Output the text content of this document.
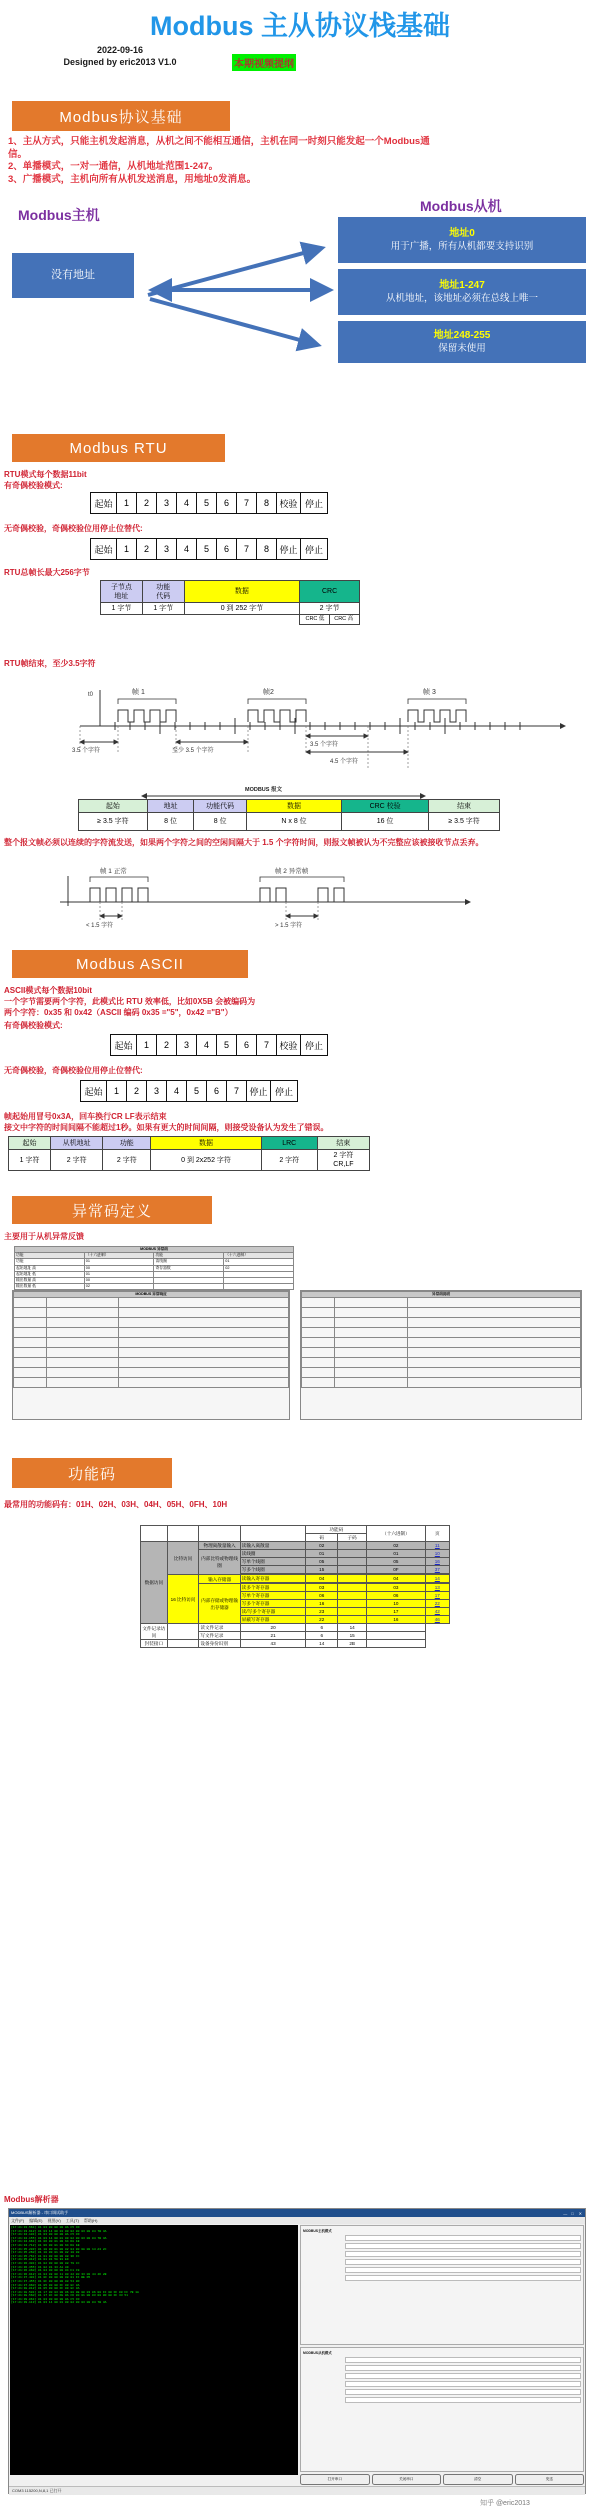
Modbus 主从协议栈基础
2022-09-16
Designed by eric2013 V1.0	本期视频提纲
Modbus协议基础
1、主从方式，只能主机发起消息，从机之间不能相互通信，主机在同一时刻只能发起一个Modbus通
信。
2、单播模式，一对一通信，从机地址范围1-247。
3、广播模式，主机向所有从机发送消息，用地址0发消息。
Modbus主机
Modbus从机
地址0
用于广播，所有从机都要支持识别
地址1-247
从机地址，该地址必须在总线上唯一
地址248-255
保留未使用
没有地址
Modbus RTU
RTU模式每个数据11bit
有奇偶校验模式:
起始	1	2	3	4	5	6	7	8	校验 停止
无奇偶校验，奇偶校验位用停止位替代:
起始	1	2	3	4	5	6	7	8	停止 停止
RTU总帧长最大256字节
子节点
地址	功能
代码	数据	CRC
1 字节	1 字节	0 到 252 字节	2 字节
			CRC 低 CRC 高
RTU帧结束，至少3.5字符
t0	帧 1	帧2	帧 3
3.5 个字符	至少 3.5 个字符
3.5 个字符
4.5 个字符
MODBUS 报文
起始	地址	功能代码	数据	CRC 校验	结束
≥ 3.5 字符	8 位	8 位	N x 8 位	16 位	≥ 3.5 字符
整个报文帧必须以连续的字符流发送，如果两个字符之间的空闲间隔大于 1.5 个字符时间，则报文帧被认为不完整应该被接收节点丢弃。
帧 1 正常	帧 2 异常帧
< 1.5 字符	> 1.5 字符
Modbus ASCII
ASCII模式每个数据10bit
一个字节需要两个字符，此模式比 RTU 效率低，比如0X5B 会被编码为
两个字符：0x35 和 0x42（ASCII 编码 0x35 ="5"，0x42 ="B"）
有奇偶校验模式:
起始	1	2	3	4	5	6	7	校验 停止
无奇偶校验，奇偶校验位用停止位替代:
起始	1	2	3	4	5	6	7	停止 停止
帧起始用冒号0x3A，回车换行CR LF表示结束
接文中字符的时间间隔不能超过1秒。如果有更大的时间间隔，则接受设备认为发生了错误。
起始	从机地址	功能	数据	LRC	结束
1 字符	2 字符	2 字符	0 到 2x252 字符	2 字符	2 字符
CR,LF
异常码定义
主要用于从机异常反馈
MODBUS 异常码			
功能	（十六进制）	功能	（十六进制）
功能	01	读线圈	01
起始地址 高	00	寄存器数	02
起始地址 低	01		
输出数量 高	00		
输出数量 低	02		
MODBUS 异常响应		

			异常码说明		

功能码
最常用的功能码有：01H、02H、03H、04H、05H、0FH、10H
				功能码		（十六进制）	页
				码	子码		
数据访问	比特访问	物理离散量输入	读输入离散量	02		02	11
		内部比特或物理线圈	读线圈	01		01	10
			写单个线圈	05		05	16
			写多个线圈	15		0F	37

	16 比特访问	输入存储器	读输入寄存器	04		04	14

		内部存储或物理输出存储器	读多个寄存器	03		03	13
			写单个寄存器	06		06	17
			写多个寄存器	16		10	22
			读/写多个寄存器	23		17	42
			屏蔽写寄存器	22		16	46
文件记录访问		读文件记录	20	6	14		
		写文件记录	21	6	15		
封装接口		设备身份识别	43	14	2B		
Modbus解析器
MODBUS解析器 - 串口调试助手	—	□	✕
文件(F) 编辑(E) 视图(V) 工具(T) 帮助(H)
[17:21:33.561] 01 03 00 00 00 0A C5 CD
[17:21:33.612] 01 03 14 00 01 00 02 00 03 00 04 7B 3A
[17:21:34.101] 01 03 00 00 00 0A C5 CD
[17:21:34.155] 01 03 14 00 01 00 02 00 03 00 04 7B 3A
[17:21:34.661] 01 06 00 01 00 64 D8 1B
[17:21:34.712] 01 06 00 01 00 64 D8 1B
[17:21:35.203] 01 10 00 01 00 02 04 00 0A 00 14 A3 2C
[17:21:35.260] 01 10 00 01 00 02 10 08
[17:21:35.761] 01 01 00 00 00 08 3D CC
[17:21:35.812] 01 01 01 5A 91 E9
[17:21:36.301] 01 02 00 00 00 08 79 CC
[17:21:36.355] 01 02 01 33 A1 89
[17:21:36.860] 01 04 00 00 00 04 F1 C9
[17:21:36.912] 01 04 08 00 11 00 22 00 33 00 44 4D 2B
[17:21:37.401] 01 0F 00 00 00 08 01 FF BE D5
[17:21:37.455] 01 0F 00 00 00 08 54 0D
[17:21:37.960] 01 05 00 00 FF 00 8C 3A
[17:21:38.012] 01 05 00 00 FF 00 8C 3A
[17:21:38.501] 01 17 00 03 00 06 00 0E 00 03 06 00 FF 00 FF 00 FF 7B 1A
[17:21:38.560] 01 17 0C 00 FE 0A CD 00 01 00 03 00 0D 00 FF 33 51
[17:21:39.061] 01 03 00 00 00 0A C5 CD
[17:21:39.113] 01 03 14 00 01 00 02 00 03 00 04 7B 3A
MODBUS主机模式
MODBUS从机模式
打开串口	关闭串口	清空	发送
COM3 115200,N,8,1 已打开
知乎 @eric2013
